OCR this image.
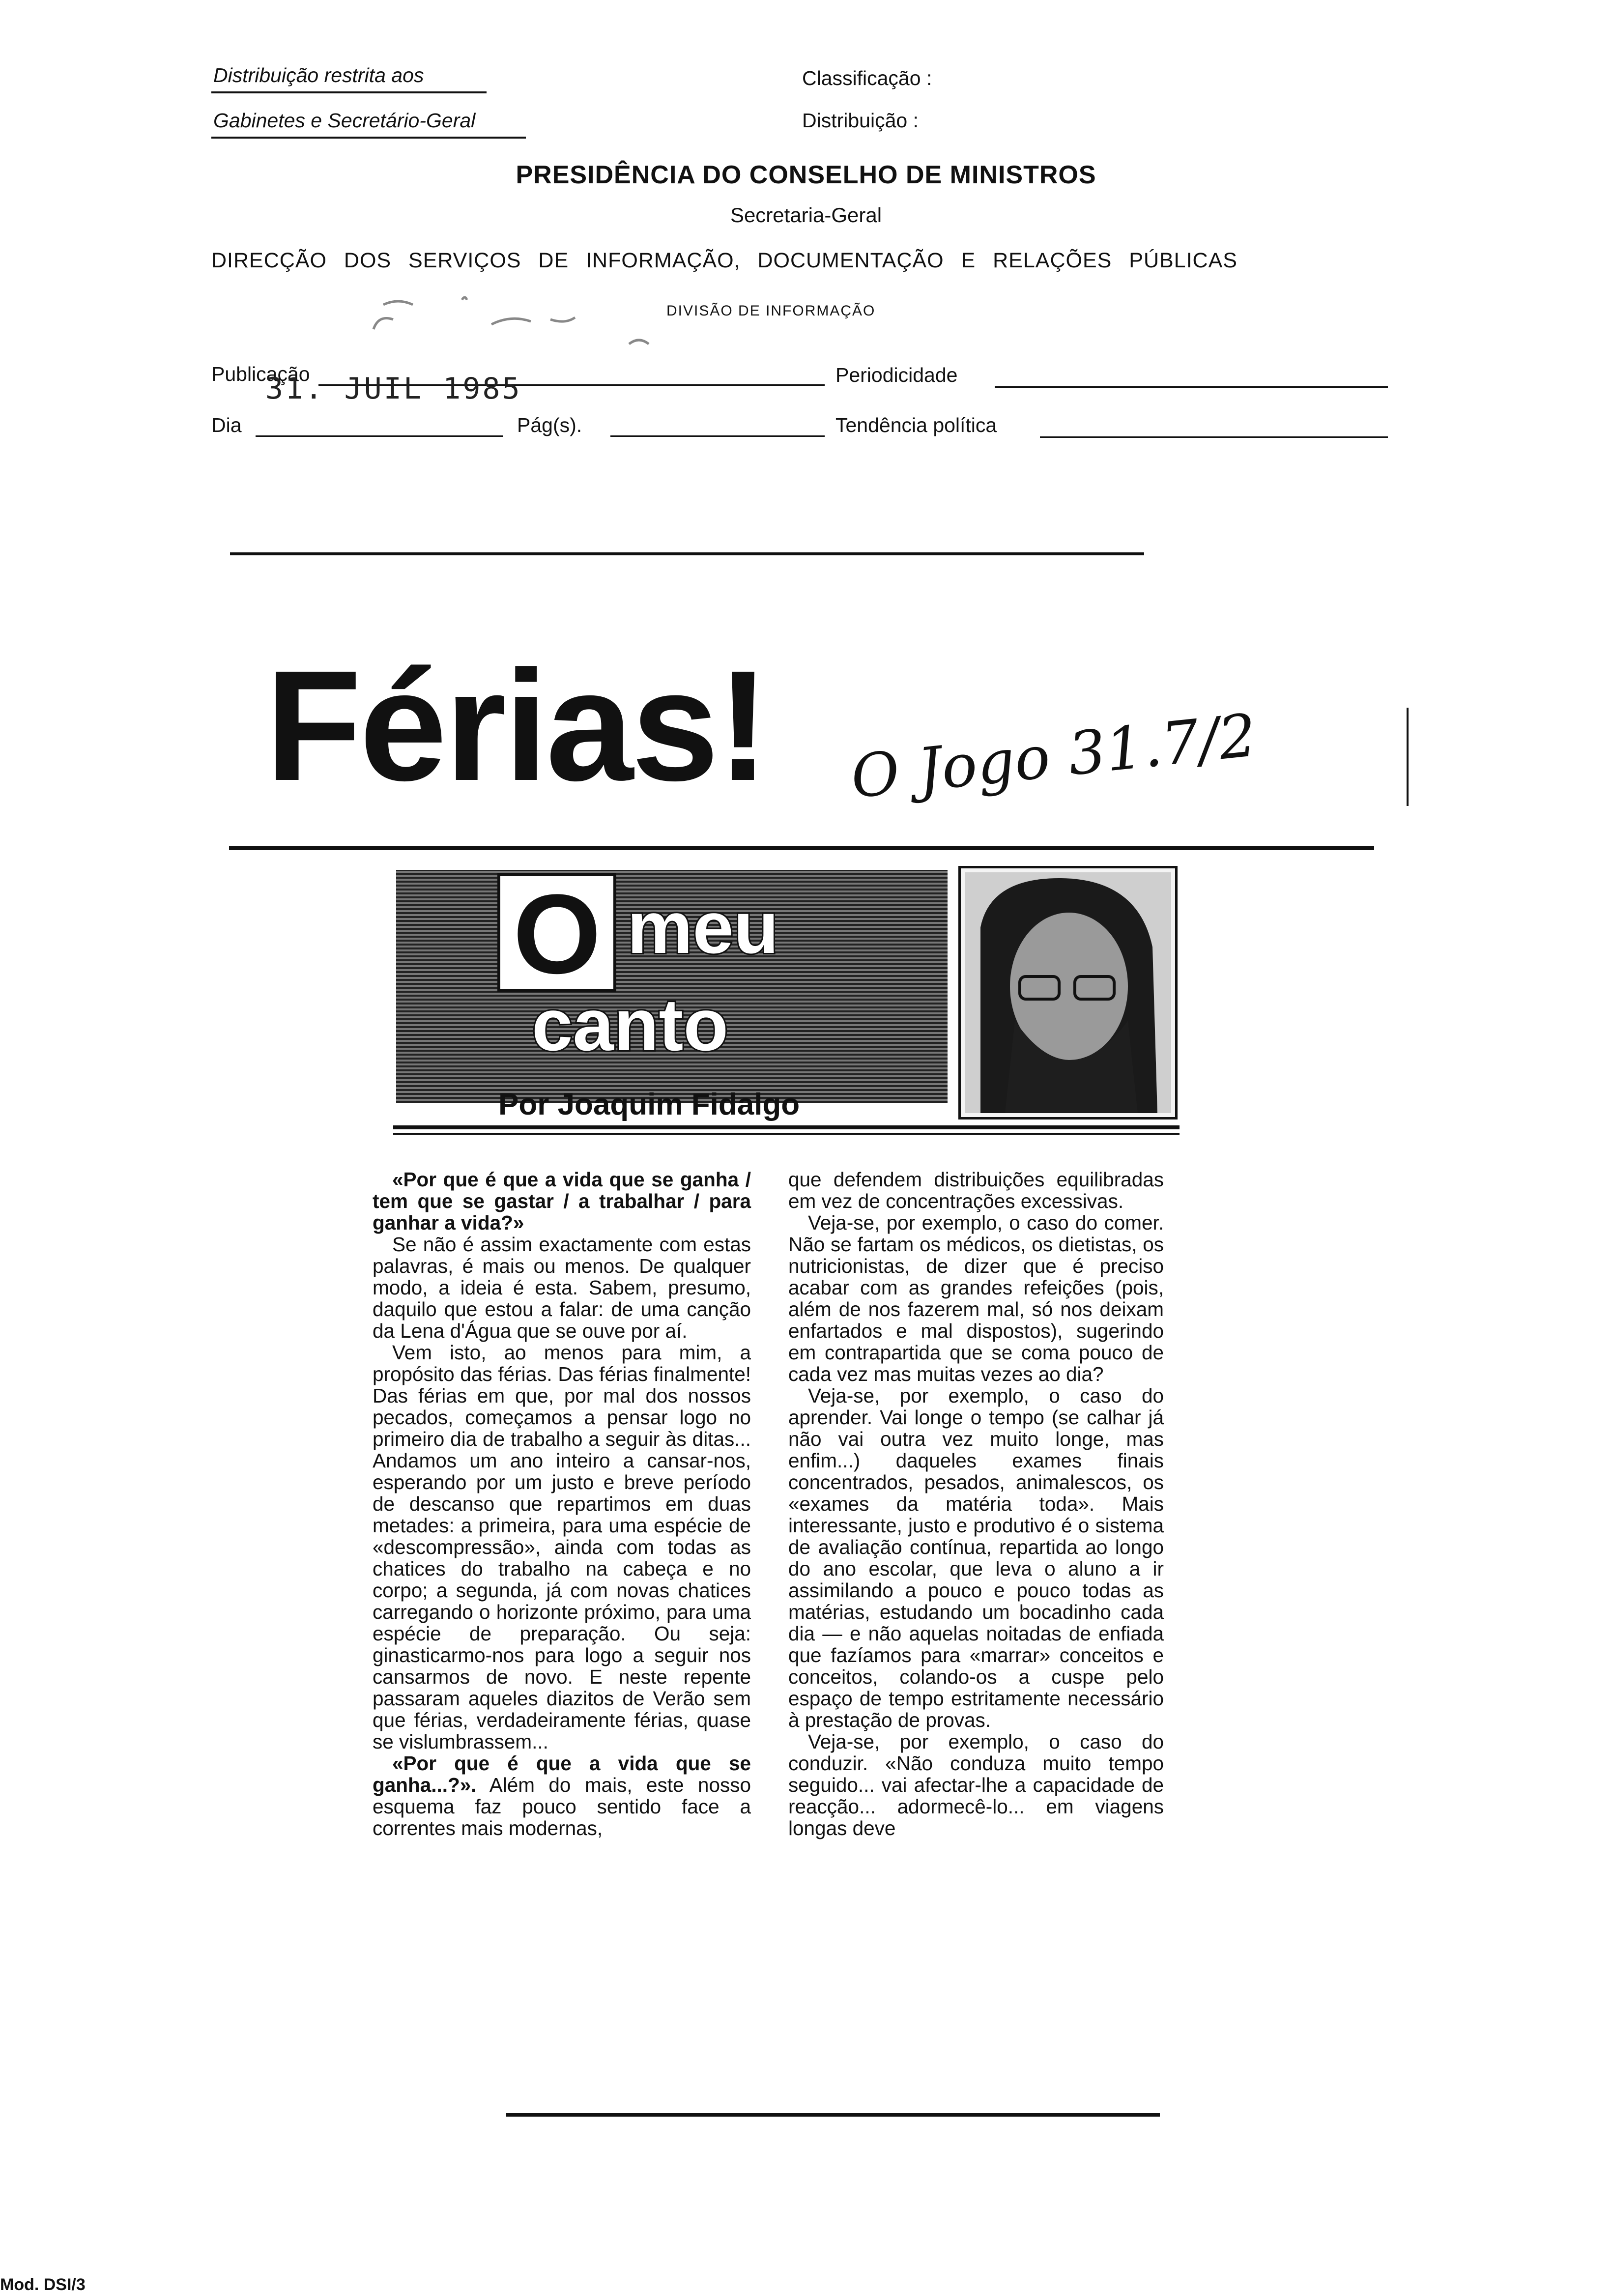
Distribuição restrita aos
Gabinetes e Secretário-Geral
Classificação :
Distribuição :
PRESIDÊNCIA DO CONSELHO DE MINISTROS
Secretaria-Geral
DIRECÇÃO DOS SERVIÇOS DE INFORMAÇÃO, DOCUMENTAÇÃO E RELAÇÕES PÚBLICAS
DIVISÃO DE INFORMAÇÃO
Publicação
31. JUIL 1985	Periodicidade
Dia	Pág(s).	Tendência política
Férias! O Jogo 31.7/2
O meu
canto
Por Joaquim Fidalgo

«Por que é que a vida que se ganha / tem que se gastar / a trabalhar / para ganhar a vida?»

Se não é assim exactamente com estas palavras, é mais ou menos. De qualquer modo, a ideia é esta. Sabem, presumo, daquilo que estou a falar: de uma canção da Lena d'Água que se ouve por aí.

Vem isto, ao menos para mim, a propósito das férias. Das férias finalmente! Das férias em que, por mal dos nossos pecados, começamos a pensar logo no primeiro dia de trabalho a seguir às ditas... Andamos um ano inteiro a cansar-nos, esperando por um justo e breve período de descanso que repartimos em duas metades: a primeira, para uma espécie de «descompressão», ainda com todas as chatices do trabalho na cabeça e no corpo; a segunda, já com novas chatices carregando o horizonte próximo, para uma espécie de preparação. Ou seja: ginasticarmo-nos para logo a seguir nos cansarmos de novo. E neste repente passaram aqueles diazitos de Verão sem que férias, verdadeiramente férias, quase se vislumbrassem...

«Por que é que a vida que se ganha...?». Além do mais, este nosso esquema faz pouco sentido face a correntes mais modernas,

que defendem distribuições equilibradas em vez de concentrações excessivas.

Veja-se, por exemplo, o caso do comer. Não se fartam os médicos, os dietistas, os nutricionistas, de dizer que é preciso acabar com as grandes refeições (pois, além de nos fazerem mal, só nos deixam enfartados e mal dispostos), sugerindo em contrapartida que se coma pouco de cada vez mas muitas vezes ao dia?

Veja-se, por exemplo, o caso do aprender. Vai longe o tempo (se calhar já não vai outra vez muito longe, mas enfim...) daqueles exames finais concentrados, pesados, animalescos, os «exames da matéria toda». Mais interessante, justo e produtivo é o sistema de avaliação contínua, repartida ao longo do ano escolar, que leva o aluno a ir assimilando a pouco e pouco todas as matérias, estudando um bocadinho cada dia — e não aquelas noitadas de enfiada que fazíamos para «marrar» conceitos e conceitos, colando-os a cuspe pelo espaço de tempo estritamente necessário à prestação de provas.

Veja-se, por exemplo, o caso do conduzir. «Não conduza muito tempo seguido... vai afectar-lhe a capacidade de reacção... adormecê-lo... em viagens longas deve

Mod. DSI/3
